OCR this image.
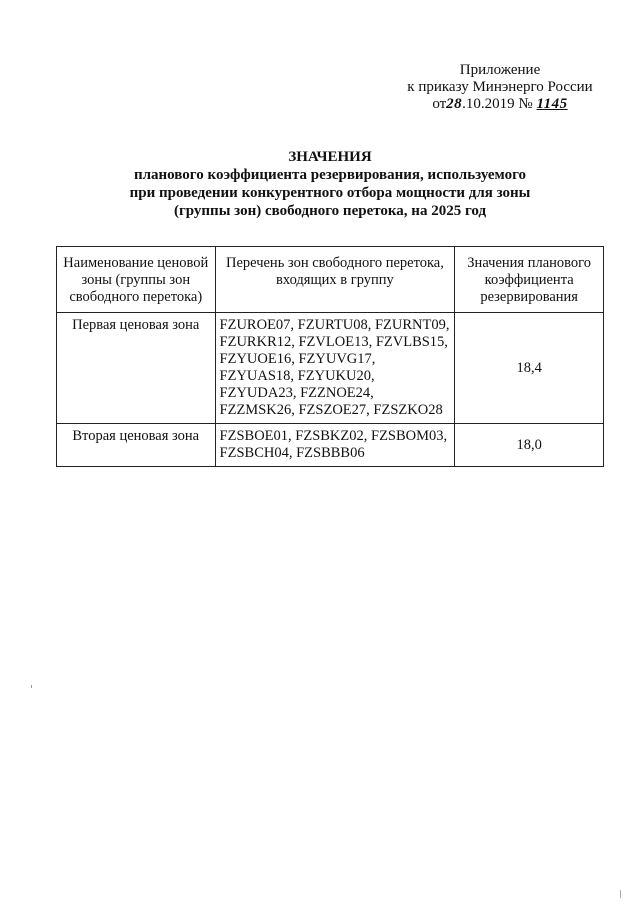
Приложение
к приказу Минэнерго России
от28.10.2019 № 1145
ЗНАЧЕНИЯ
планового коэффициента резервирования, используемого
при проведении конкурентного отбора мощности для зоны
(группы зон) свободного перетока, на 2025 год
Наименование ценовой зоны (группы зон свободного перетока)	Перечень зон свободного перетока, входящих в группу	Значения планового коэффициента резервирования
Первая ценовая зона	FZUROE07, FZURTU08, FZURNT09, FZURKR12, FZVLOE13, FZVLBS15, FZYUOE16, FZYUVG17, FZYUAS18, FZYUKU20, FZYUDA23, FZZNOE24, FZZMSK26, FZSZOE27, FZSZKO28	18,4
Вторая ценовая зона	FZSBOE01, FZSBKZ02, FZSBOM03, FZSBCH04, FZSBBB06	18,0
